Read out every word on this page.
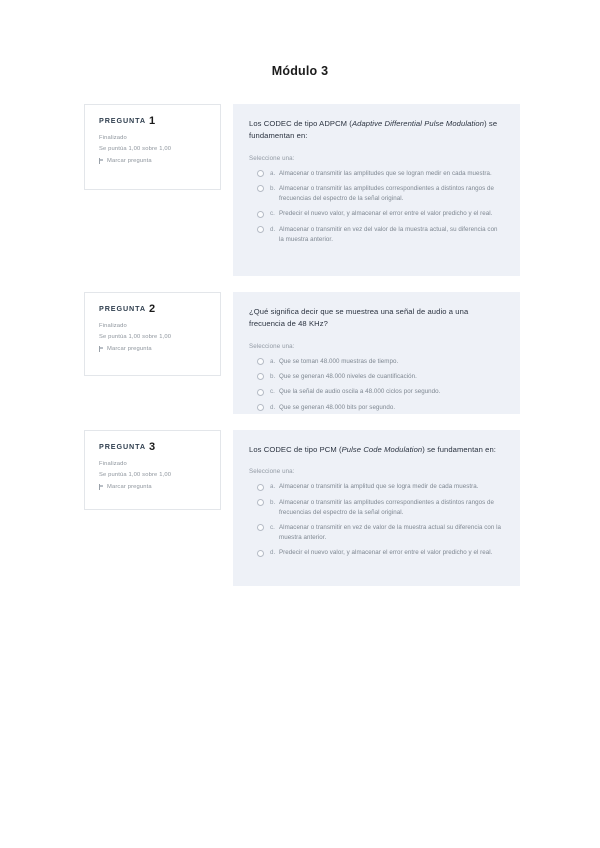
Módulo 3
PREGUNTA 1
Finalizado
Se puntúa 1,00 sobre 1,00
Marcar pregunta
Los CODEC de tipo ADPCM (Adaptive Differential Pulse Modulation) se fundamentan en:
Seleccione una:
a. Almacenar o transmitir las amplitudes que se logran medir en cada muestra.
b. Almacenar o transmitir las amplitudes correspondientes a distintos rangos de frecuencias del espectro de la señal original.
c. Predecir el nuevo valor, y almacenar el error entre el valor predicho y el real.
d. Almacenar o transmitir en vez del valor de la muestra actual, su diferencia con la muestra anterior.
PREGUNTA 2
Finalizado
Se puntúa 1,00 sobre 1,00
Marcar pregunta
¿Qué significa decir que se muestrea una señal de audio a una frecuencia de 48 KHz?
Seleccione una:
a. Que se toman 48.000 muestras de tiempo.
b. Que se generan 48.000 niveles de cuantificación.
c. Que la señal de audio oscila a 48.000 ciclos por segundo.
d. Que se generan 48.000 bits por segundo.
PREGUNTA 3
Finalizado
Se puntúa 1,00 sobre 1,00
Marcar pregunta
Los CODEC de tipo PCM (Pulse Code Modulation) se fundamentan en:
Seleccione una:
a. Almacenar o transmitir la amplitud que se logra medir de cada muestra.
b. Almacenar o transmitir las amplitudes correspondientes a distintos rangos de frecuencias del espectro de la señal original.
c. Almacenar o transmitir en vez de valor de la muestra actual su diferencia con la muestra anterior.
d. Predecir el nuevo valor, y almacenar el error entre el valor predicho y el real.
